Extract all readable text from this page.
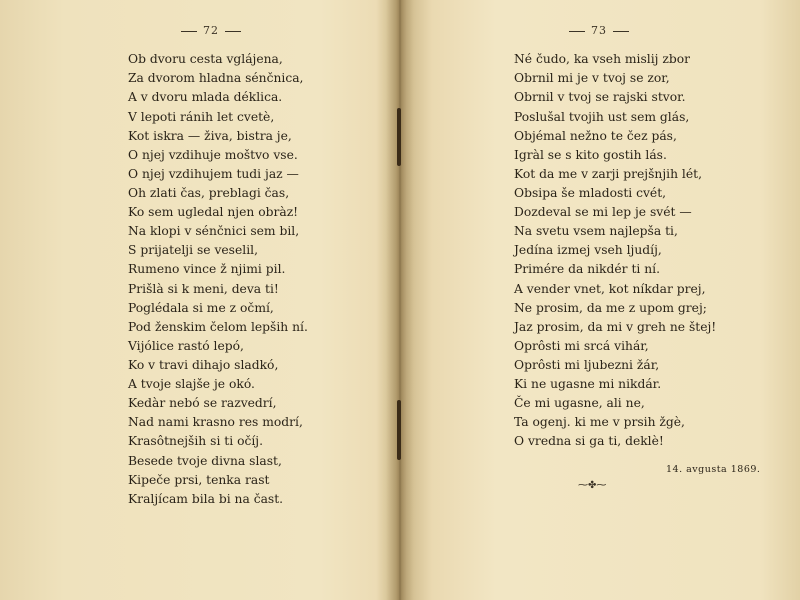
72
Ob dvoru cesta vglájena,
Za dvorom hladna sénčnica,
A v dvoru mlada déklica.
V lepoti ránih let cvetè,
Kot iskra — živa, bistra je,
O njej vzdihuje moštvo vse.
O njej vzdihujem tudi jaz —
Oh zlati čas, preblagi čas,
Ko sem ugledal njen obràz!
Na klopi v sénčnici sem bil,
S prijatelji se veselil,
Rumeno vince ž njimi pil.
Prišlà si k meni, deva ti!
Poglédala si me z očmí,
Pod ženskim čelom lepših ní.
Vijólice rastó lepó,
Ko v travi dihajo sladkó,
A tvoje slajše je okó.
Kedàr nebó se razvedrí,
Nad nami krasno res modrí,
Krasôtnejših si ti očíj.
Besede tvoje divna slast,
Kipeče prsi, tenka rast
Kraljícam bila bi na čast.
73
Né čudo, ka vseh mislij zbor
Obrnil mi je v tvoj se zor,
Obrnil v tvoj se rajski stvor.
Poslušal tvojih ust sem glás,
Objémal nežno te čez pás,
Igràl se s kito gostih lás.
Kot da me v zarji prejšnjih lét,
Obsipa še mladosti cvét,
Dozdeval se mi lep je svét —
Na svetu vsem najlepša ti,
Jedína izmej vseh ljudíj,
Primére da nikdér ti ní.
A vender vnet, kot níkdar prej,
Ne prosim, da me z upom grej;
Jaz prosim, da mi v greh ne štej!
Oprôsti mi srcá vihár,
Oprôsti mi ljubezni žár,
Ki ne ugasne mi nikdár.
Če mi ugasne, ali ne,
Ta ogenj. ki me v prsih žgè,
O vredna si ga ti, deklè!
14. avgusta 1869.
⁓✤⁓
